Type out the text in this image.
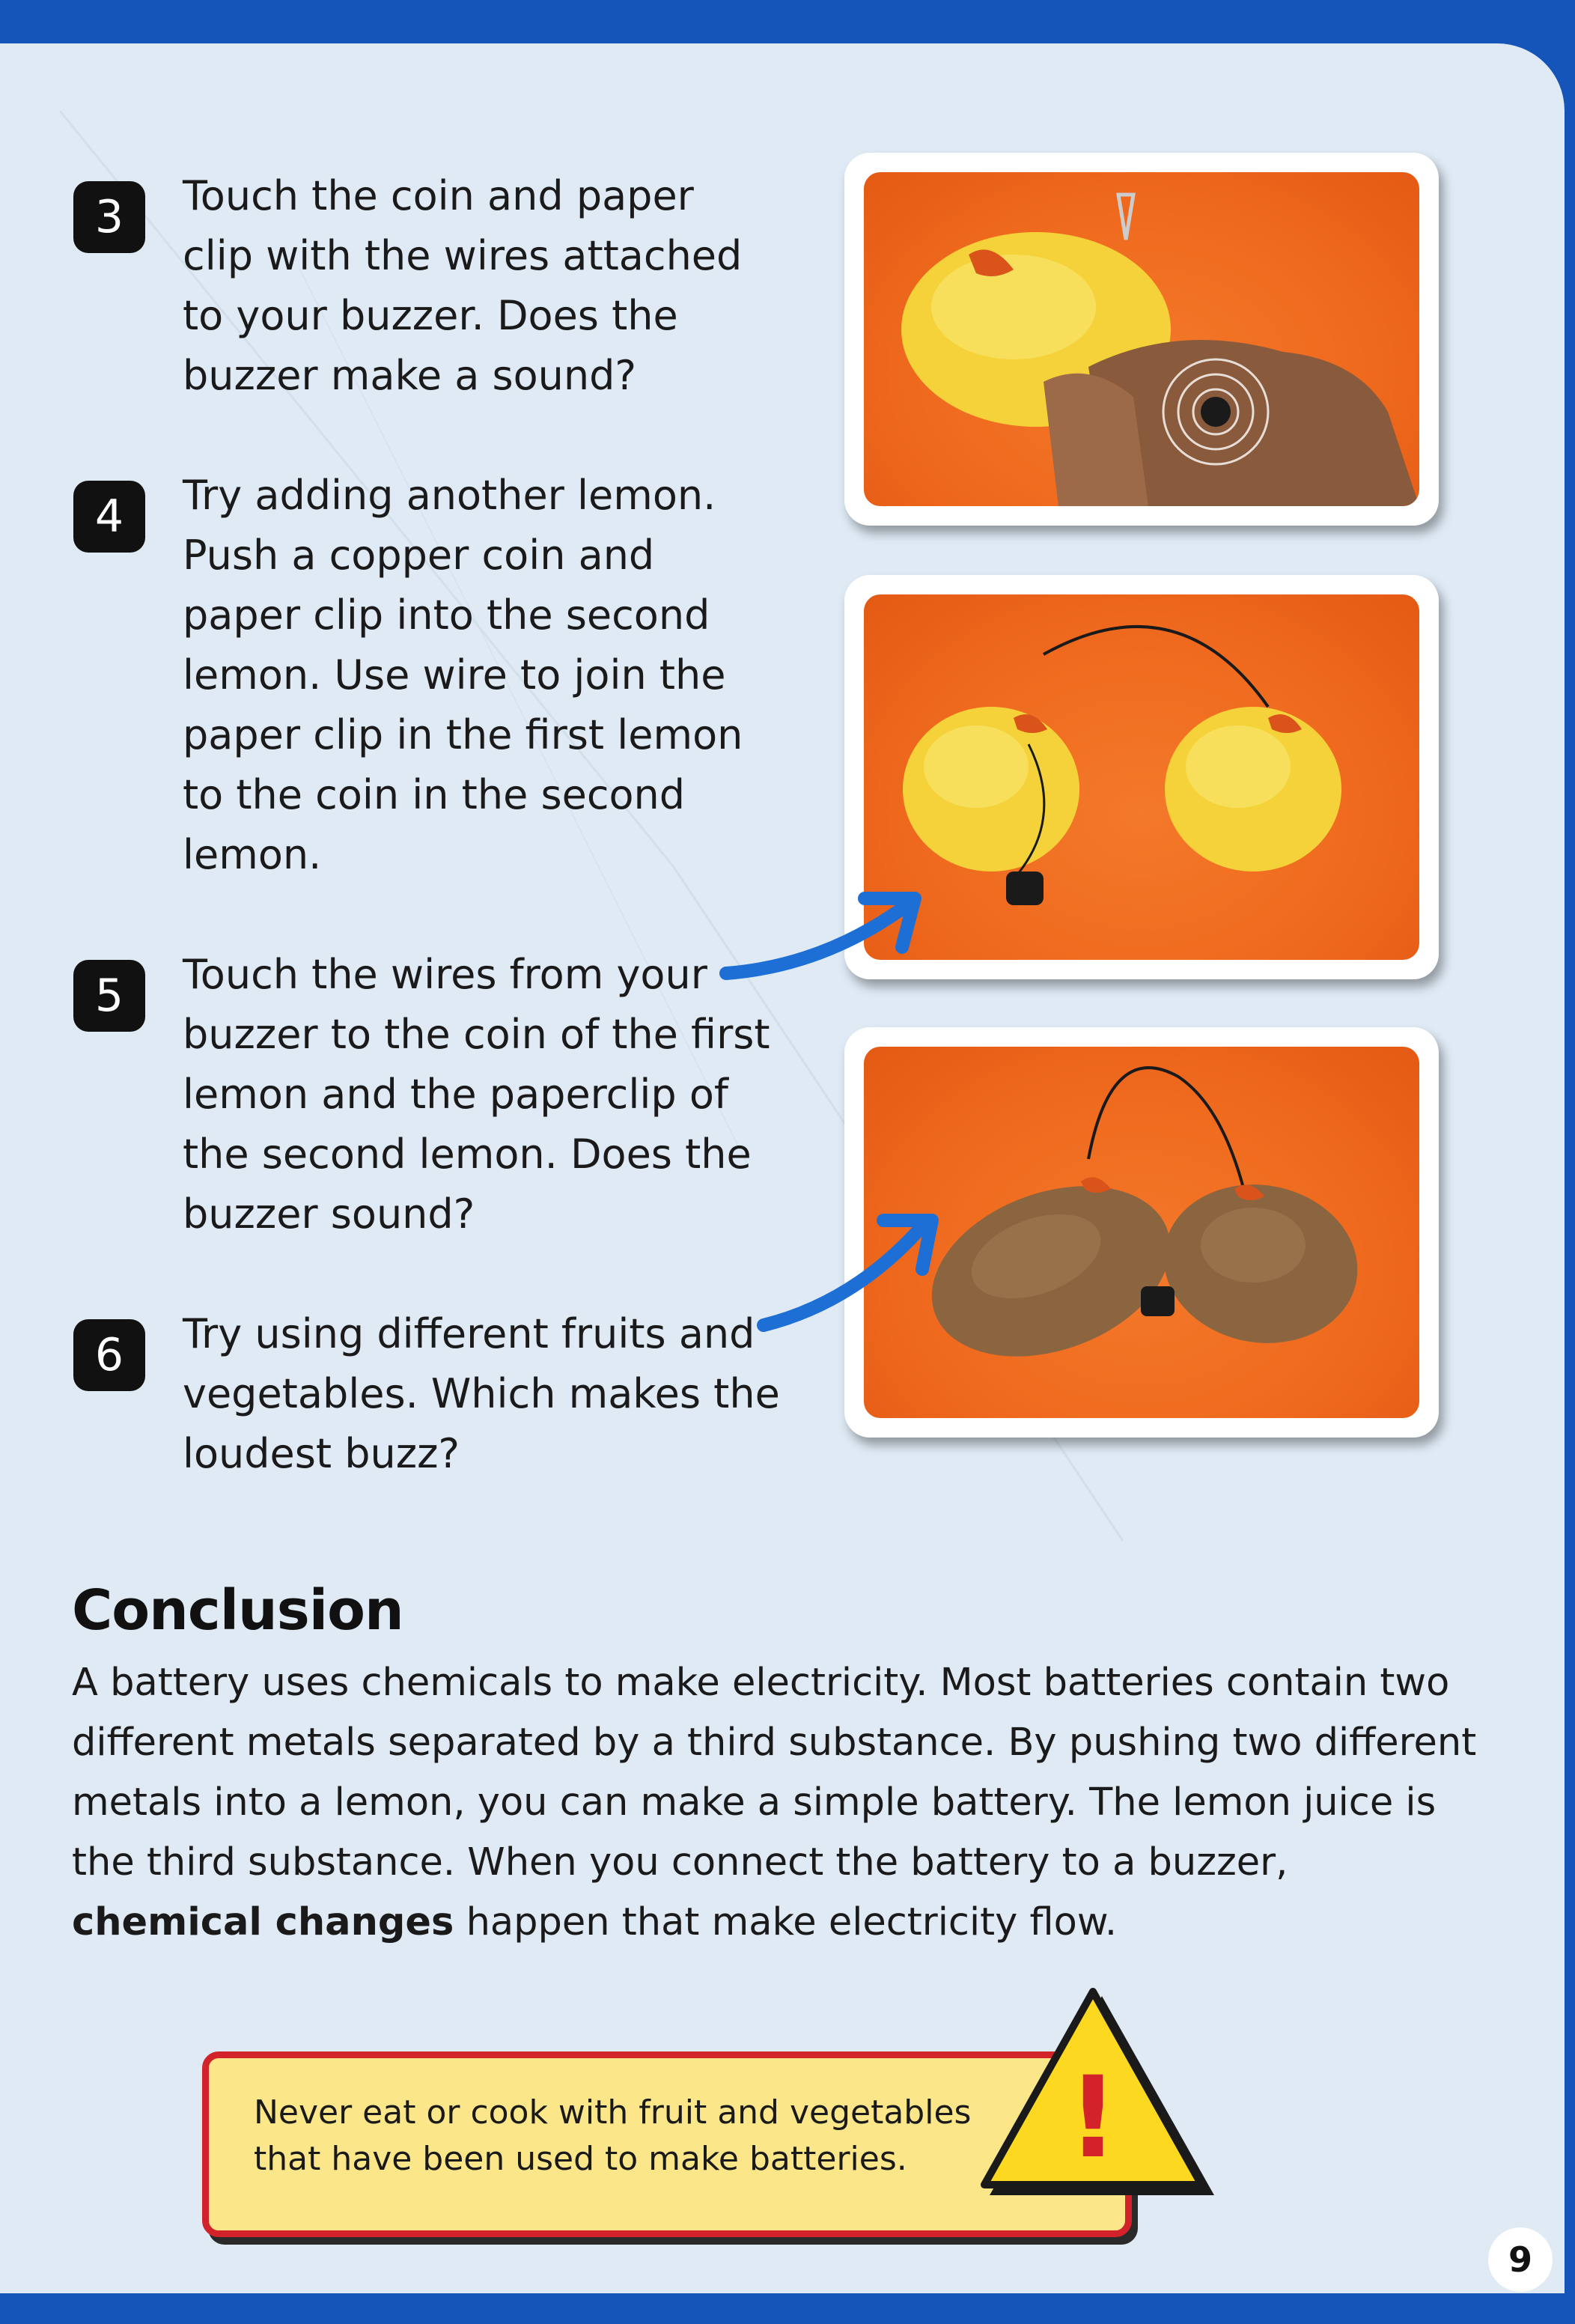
3	Touch the coin and paper
clip with the wires attached
to your buzzer. Does the
buzzer make a sound?
4	Try adding another lemon.
Push a copper coin and
paper clip into the second
lemon. Use wire to join the
paper clip in the first lemon
to the coin in the second
lemon.
5	Touch the wires from your
buzzer to the coin of the first
lemon and the paperclip of
the second lemon. Does the
buzzer sound?
6	Try using different fruits and
vegetables. Which makes the
loudest buzz?
Conclusion
A battery uses chemicals to make electricity. Most batteries contain two different metals separated by a third substance. By pushing two different metals into a lemon, you can make a simple battery. The lemon juice is the third substance. When you connect the battery to a buzzer, chemical changes happen that make electricity flow.
Never eat or cook with fruit and vegetables that have been used to make batteries.	!
9
